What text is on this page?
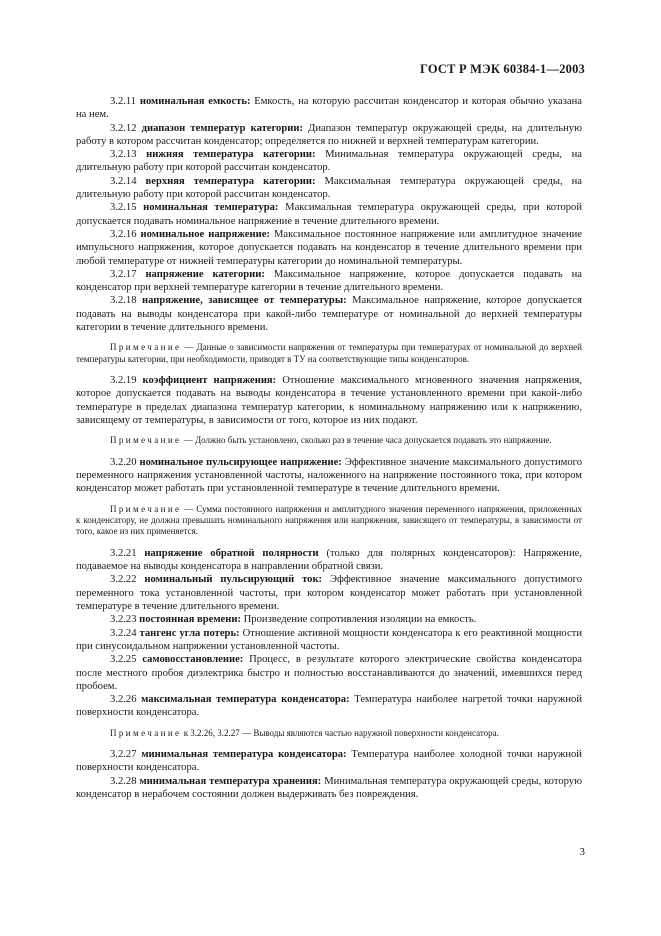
ГОСТ Р МЭК 60384-1—2003

3.2.11 номинальная емкость: Емкость, на которую рассчитан конденсатор и которая обычно указана на нем.

3.2.12 диапазон температур категории: Диапазон температур окружающей среды, на длительную работу в котором рассчитан конденсатор; определяется по нижней и верхней температурам категории.

3.2.13 нижняя температура категории: Минимальная температура окружающей среды, на длительную работу при которой рассчитан конденсатор.

3.2.14 верхняя температура категории: Максимальная температура окружающей среды, на длительную работу при которой рассчитан конденсатор.

3.2.15 номинальная температура: Максимальная температура окружающей среды, при которой допускается подавать номинальное напряжение в течение длительного времени.

3.2.16 номинальное напряжение: Максимальное постоянное напряжение или амплитудное значение импульсного напряжения, которое допускается подавать на конденсатор в течение длительного времени при любой температуре от нижней температуры категории до номинальной температуры.

3.2.17 напряжение категории: Максимальное напряжение, которое допускается подавать на конденсатор при верхней температуре категории в течение длительного времени.

3.2.18 напряжение, зависящее от температуры: Максимальное напряжение, которое допускается подавать на выводы конденсатора при какой-либо температуре от номинальной до верхней температуры категории в течение длительного времени.

Примечание — Данные о зависимости напряжения от температуры при температурах от номинальной до верхней температуры категории, при необходимости, приводят в ТУ на соответствующие типы конденсаторов.

3.2.19 коэффициент напряжения: Отношение максимального мгновенного значения напряжения, которое допускается подавать на выводы конденсатора в течение установленного времени при какой-либо температуре в пределах диапазона температур категории, к номинальному напряжению или к напряжению, зависящему от температуры, в зависимости от того, которое из них подают.

Примечание — Должно быть установлено, сколько раз в течение часа допускается подавать это напряжение.

3.2.20 номинальное пульсирующее напряжение: Эффективное значение максимального допустимого переменного напряжения установленной частоты, наложенного на напряжение постоянного тока, при котором конденсатор может работать при установленной температуре в течение длительного времени.

Примечание — Сумма постоянного напряжения и амплитудного значения переменного напряжения, приложенных к конденсатору, не должна превышать номинального напряжения или напряжения, зависящего от температуры, в зависимости от того, какое из них применяется.

3.2.21 напряжение обратной полярности (только для полярных конденсаторов): Напряжение, подаваемое на выводы конденсатора в направлении обратной связи.

3.2.22 номинальный пульсирующий ток: Эффективное значение максимального допустимого переменного тока установленной частоты, при котором конденсатор может работать при установленной температуре в течение длительного времени.

3.2.23 постоянная времени: Произведение сопротивления изоляции на емкость.

3.2.24 тангенс угла потерь: Отношение активной мощности конденсатора к его реактивной мощности при синусоидальном напряжении установленной частоты.

3.2.25 самовосстановление: Процесс, в результате которого электрические свойства конденсатора после местного пробоя диэлектрика быстро и полностью восстанавливаются до значений, имевшихся перед пробоем.

3.2.26 максимальная температура конденсатора: Температура наиболее нагретой точки наружной поверхности конденсатора.

Примечание к 3.2.26, 3.2.27 — Выводы являются частью наружной поверхности конденсатора.

3.2.27 минимальная температура конденсатора: Температура наиболее холодной точки наружной поверхности конденсатора.

3.2.28 минимальная температура хранения: Минимальная температура окружающей среды, которую конденсатор в нерабочем состоянии должен выдерживать без повреждения.

3
